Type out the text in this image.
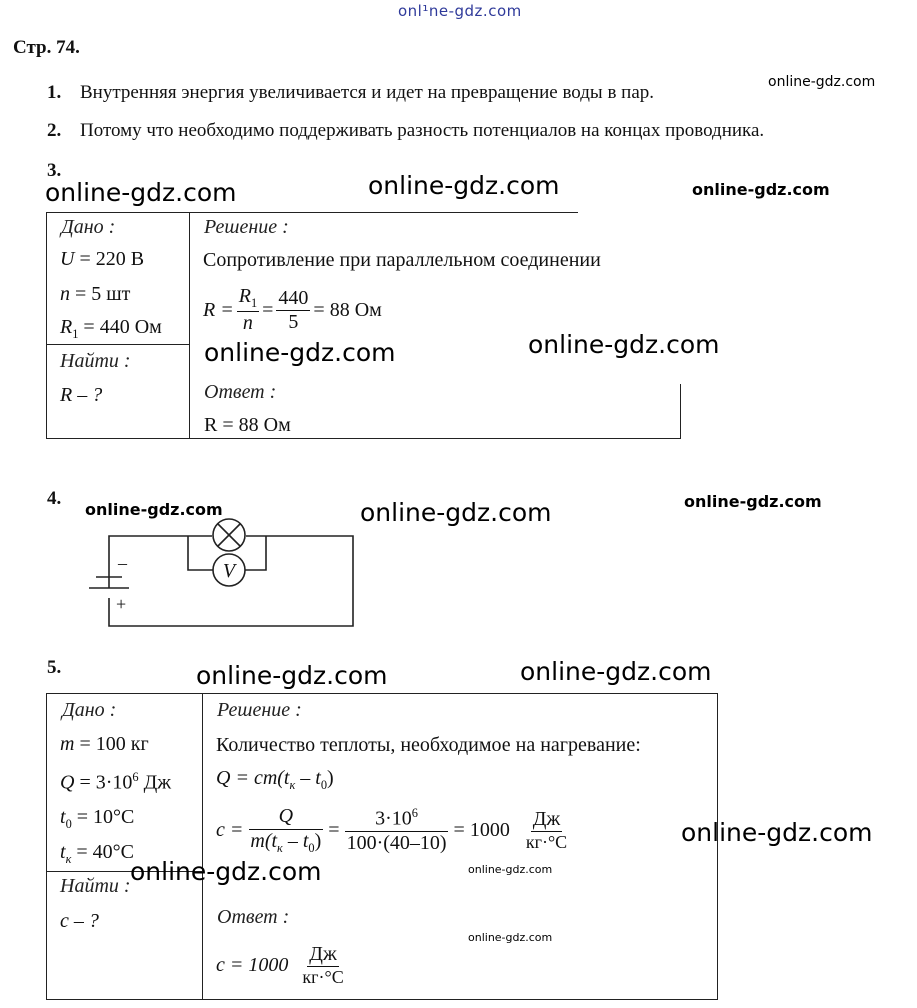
onl¹ne-gdz.com
Стр. 74.
1. Внутренняя энергия увеличивается и идет на превращение воды в пар.	online-gdz.com
2. Потому что необходимо поддерживать разность потенциалов на концах проводника.
3.
online-gdz.com	online-gdz.com	online-gdz.com
Дано :
U = 220 В
n = 5 шт
$R_1 = 440$ Ом
Найти :
R – ?
Решение :
Сопротивление при параллельном соединении
$R = \frac{R_1}{n} = \frac{440}{5} = 88$ Ом
online-gdz.com	online-gdz.com
Ответ :
R = 88 Ом
4.
online-gdz.com	online-gdz.com	online-gdz.com
V
–
+
5.	online-gdz.com	online-gdz.com
Дано :
m = 100 кг
$Q = 3\cdot 10^6$ Дж
$t_0 = 10^\circ C$
$t_к = 40^\circ C$
Найти : online-gdz.com
c – ?
Решение :
Количество теплоты, необходимое на нагревание:
$Q = cm(t_к - t_0)$
$c = \frac{Q}{m(t_к - t_0)} = \frac{3\cdot 10^6}{100\cdot(40-10)} = 1000 \frac{Дж}{кг\cdot^\circ C}$	online-gdz.com
online-gdz.com
Ответ :
online-gdz.com
$c = 1000 \frac{Дж}{кг\cdot^\circ C}$
